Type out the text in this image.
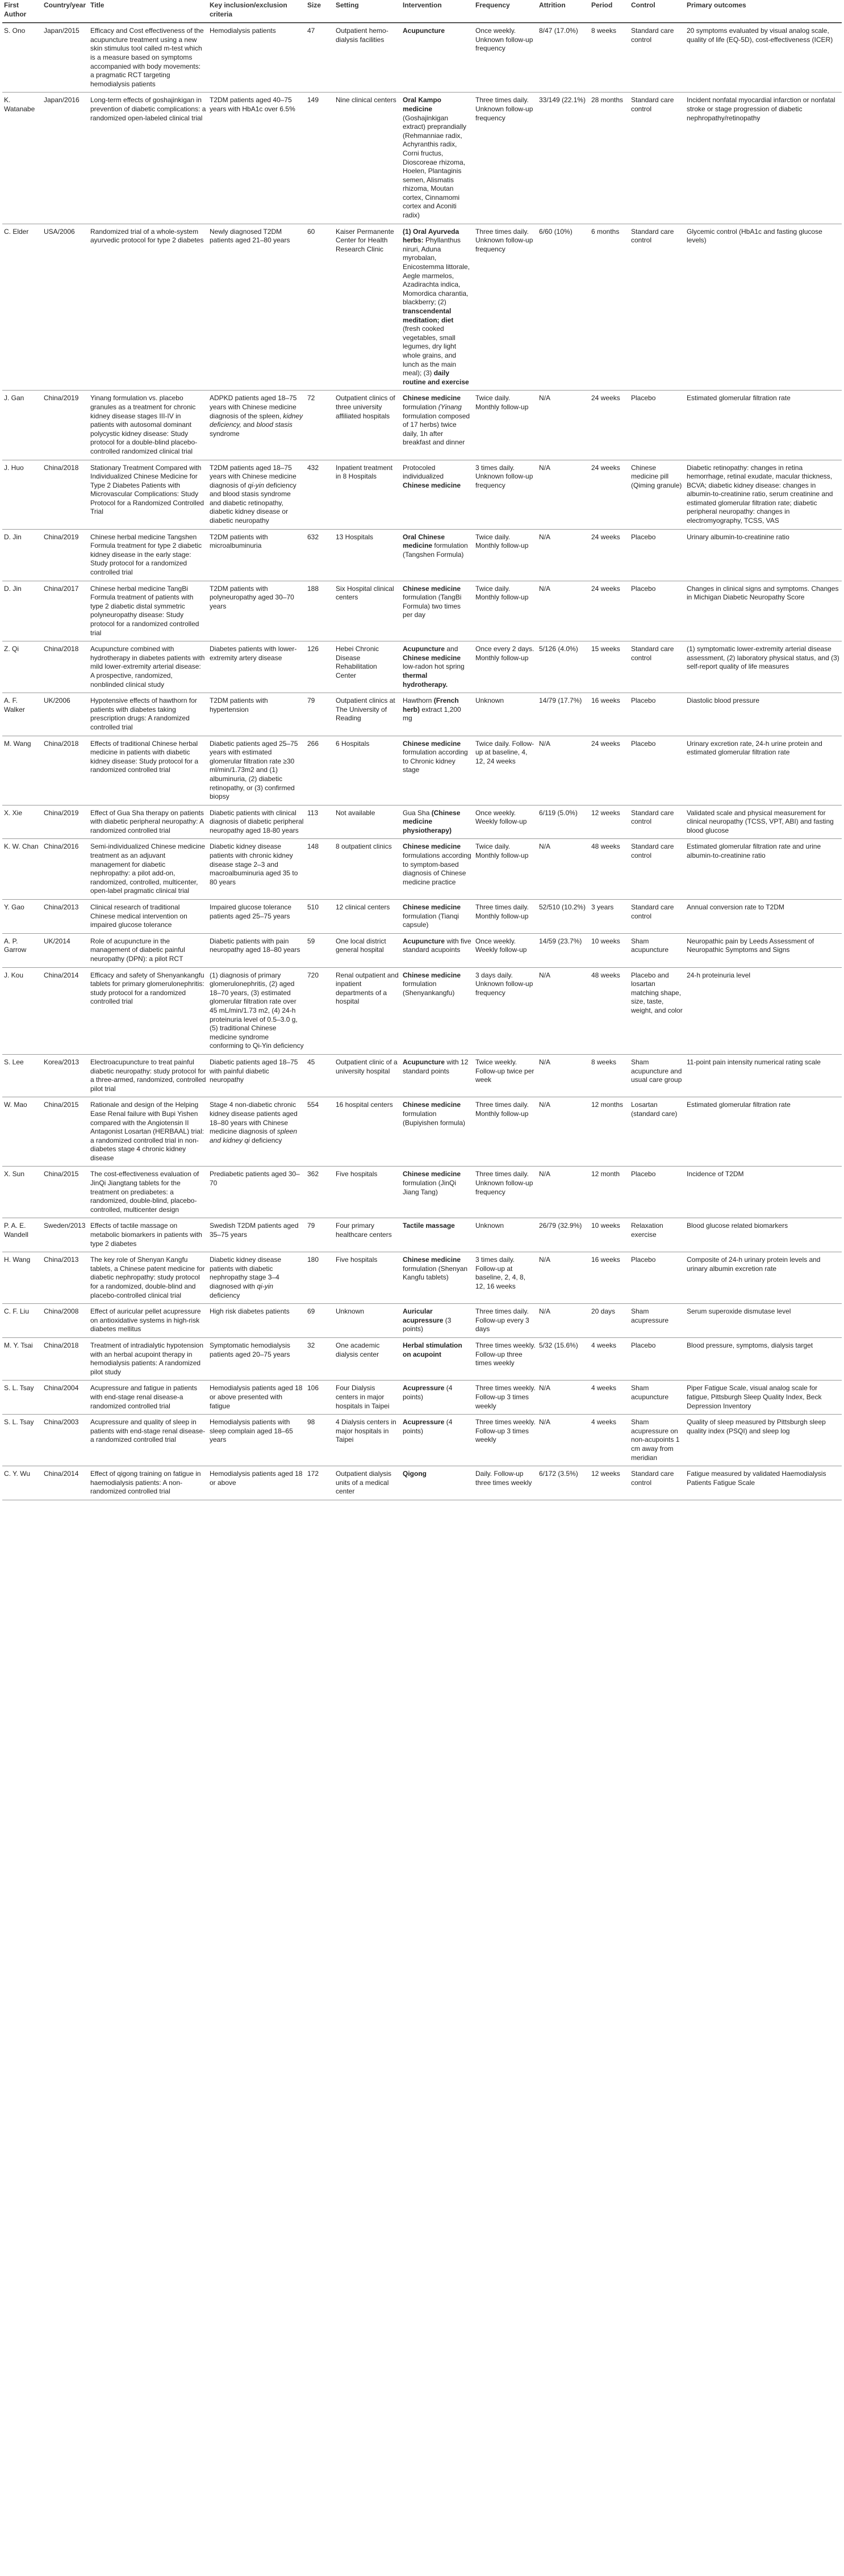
First Author	Country/year	Title	Key inclusion/exclusion criteria	Size	Setting	Intervention	Frequency	Attrition	Period	Control	Primary outcomes
S. Ono	Japan/2015	Efficacy and Cost effectiveness of the acupuncture treatment using a new skin stimulus tool called m-test which is a measure based on symptoms accompanied with body movements: a pragmatic RCT targeting hemodialysis patients	Hemodialysis patients	47	Outpatient hemo-dialysis facilities	Acupuncture	Once weekly. Unknown follow-up frequency	8/47 (17.0%)	8 weeks	Standard care control	20 symptoms evaluated by visual analog scale, quality of life (EQ-5D), cost-effectiveness (ICER)
K. Watanabe	Japan/2016	Long-term effects of goshajinkigan in prevention of diabetic complications: a randomized open-labeled clinical trial	T2DM patients aged 40–75 years with HbA1c over 6.5%	149	Nine clinical centers	Oral Kampo medicine (Goshajinkigan extract) preprandially (Rehmanniae radix, Achyranthis radix, Corni fructus, Dioscoreae rhizoma, Hoelen, Plantaginis semen, Alismatis rhizoma, Moutan cortex, Cinnamomi cortex and Aconiti radix)	Three times daily. Unknown follow-up frequency	33/149 (22.1%)	28 months	Standard care control	Incident nonfatal myocardial infarction or nonfatal stroke or stage progression of diabetic nephropathy/retinopathy
C. Elder	USA/2006	Randomized trial of a whole-system ayurvedic protocol for type 2 diabetes	Newly diagnosed T2DM patients aged 21–80 years	60	Kaiser Permanente Center for Health Research Clinic	(1) Oral Ayurveda herbs: Phyllanthus niruri, Aduna myrobalan, Enicostemma littorale, Aegle marmelos, Azadirachta indica, Momordica charantia, blackberry; (2) transcendental meditation; diet (fresh cooked vegetables, small legumes, dry light whole grains, and lunch as the main meal); (3) daily routine and exercise	Three times daily. Unknown follow-up frequency	6/60 (10%)	6 months	Standard care control	Glycemic control (HbA1c and fasting glucose levels)
J. Gan	China/2019	Yinang formulation vs. placebo granules as a treatment for chronic kidney disease stages III-IV in patients with autosomal dominant polycystic kidney disease: Study protocol for a double-blind placebo-controlled randomized clinical trial	ADPKD patients aged 18–75 years with Chinese medicine diagnosis of the spleen, kidney deficiency, and blood stasis syndrome	72	Outpatient clinics of three university affiliated hospitals	Chinese medicine formulation (Yinang formulation composed of 17 herbs) twice daily, 1h after breakfast and dinner	Twice daily. Monthly follow-up	N/A	24 weeks	Placebo	Estimated glomerular filtration rate
J. Huo	China/2018	Stationary Treatment Compared with Individualized Chinese Medicine for Type 2 Diabetes Patients with Microvascular Complications: Study Protocol for a Randomized Controlled Trial	T2DM patients aged 18–75 years with Chinese medicine diagnosis of qi-yin deficiency and blood stasis syndrome and diabetic retinopathy, diabetic kidney disease or diabetic neuropathy	432	Inpatient treatment in 8 Hospitals	Protocoled individualized Chinese medicine	3 times daily. Unknown follow-up frequency	N/A	24 weeks	Chinese medicine pill (Qiming granule)	Diabetic retinopathy: changes in retina hemorrhage, retinal exudate, macular thickness, BCVA; diabetic kidney disease: changes in albumin-to-creatinine ratio, serum creatinine and estimated glomerular filtration rate; diabetic peripheral neuropathy: changes in electromyography, TCSS, VAS
D. Jin	China/2019	Chinese herbal medicine Tangshen Formula treatment for type 2 diabetic kidney disease in the early stage: Study protocol for a randomized controlled trial	T2DM patients with microalbuminuria	632	13 Hospitals	Oral Chinese medicine formulation (Tangshen Formula)	Twice daily. Monthly follow-up	N/A	24 weeks	Placebo	Urinary albumin-to-creatinine ratio
D. Jin	China/2017	Chinese herbal medicine TangBi Formula treatment of patients with type 2 diabetic distal symmetric polyneuropathy disease: Study protocol for a randomized controlled trial	T2DM patients with polyneuropathy aged 30–70 years	188	Six Hospital clinical centers	Chinese medicine formulation (TangBi Formula) two times per day	Twice daily. Monthly follow-up	N/A	24 weeks	Placebo	Changes in clinical signs and symptoms. Changes in Michigan Diabetic Neuropathy Score
Z. Qi	China/2018	Acupuncture combined with hydrotherapy in diabetes patients with mild lower-extremity arterial disease: A prospective, randomized, nonblinded clinical study	Diabetes patients with lower-extremity artery disease	126	Hebei Chronic Disease Rehabilitation Center	Acupuncture and Chinese medicine low-radon hot spring thermal hydrotherapy.	Once every 2 days. Monthly follow-up	5/126 (4.0%)	15 weeks	Standard care control	(1) symptomatic lower-extremity arterial disease assessment, (2) laboratory physical status, and (3) self-report quality of life measures
A. F. Walker	UK/2006	Hypotensive effects of hawthorn for patients with diabetes taking prescription drugs: A randomized controlled trial	T2DM patients with hypertension	79	Outpatient clinics at The University of Reading	Hawthorn (French herb) extract 1,200 mg	Unknown	14/79 (17.7%)	16 weeks	Placebo	Diastolic blood pressure
M. Wang	China/2018	Effects of traditional Chinese herbal medicine in patients with diabetic kidney disease: Study protocol for a randomized controlled trial	Diabetic patients aged 25–75 years with estimated glomerular filtration rate ≥30 ml/min/1.73m2 and (1) albuminuria, (2) diabetic retinopathy, or (3) confirmed biopsy	266	6 Hospitals	Chinese medicine formulation according to Chronic kidney stage	Twice daily. Follow-up at baseline, 4, 12, 24 weeks	N/A	24 weeks	Placebo	Urinary excretion rate, 24-h urine protein and estimated glomerular filtration rate
X. Xie	China/2019	Effect of Gua Sha therapy on patients with diabetic peripheral neuropathy: A randomized controlled trial	Diabetic patients with clinical diagnosis of diabetic peripheral neuropathy aged 18-80 years	113	Not available	Gua Sha (Chinese medicine physiotherapy)	Once weekly. Weekly follow-up	6/119 (5.0%)	12 weeks	Standard care control	Validated scale and physical measurement for clinical neuropathy (TCSS, VPT, ABI) and fasting blood glucose
K. W. Chan	China/2016	Semi-individualized Chinese medicine treatment as an adjuvant management for diabetic nephropathy: a pilot add-on, randomized, controlled, multicenter, open-label pragmatic clinical trial	Diabetic kidney disease patients with chronic kidney disease stage 2–3 and macroalbuminuria aged 35 to 80 years	148	8 outpatient clinics	Chinese medicine formulations according to symptom-based diagnosis of Chinese medicine practice	Twice daily. Monthly follow-up	N/A	48 weeks	Standard care control	Estimated glomerular filtration rate and urine albumin-to-creatinine ratio
Y. Gao	China/2013	Clinical research of traditional Chinese medical intervention on impaired glucose tolerance	Impaired glucose tolerance patients aged 25–75 years	510	12 clinical centers	Chinese medicine formulation (Tianqi capsule)	Three times daily. Monthly follow-up	52/510 (10.2%)	3 years	Standard care control	Annual conversion rate to T2DM
A. P. Garrow	UK/2014	Role of acupuncture in the management of diabetic painful neuropathy (DPN): a pilot RCT	Diabetic patients with pain neuropathy aged 18–80 years	59	One local district general hospital	Acupuncture with five standard acupoints	Once weekly. Weekly follow-up	14/59 (23.7%)	10 weeks	Sham acupuncture	Neuropathic pain by Leeds Assessment of Neuropathic Symptoms and Signs
J. Kou	China/2014	Efficacy and safety of Shenyankangfu tablets for primary glomerulonephritis: study protocol for a randomized controlled trial	(1) diagnosis of primary glomerulonephritis, (2) aged 18–70 years, (3) estimated glomerular filtration rate over 45 mL/min/1.73 m2, (4) 24-h proteinuria level of 0.5–3.0 g, (5) traditional Chinese medicine syndrome conforming to Qi-Yin deficiency	720	Renal outpatient and inpatient departments of a hospital	Chinese medicine formulation (Shenyankangfu)	3 days daily. Unknown follow-up frequency	N/A	48 weeks	Placebo and losartan matching shape, size, taste, weight, and color	24-h proteinuria level
S. Lee	Korea/2013	Electroacupuncture to treat painful diabetic neuropathy: study protocol for a three-armed, randomized, controlled pilot trial	Diabetic patients aged 18–75 with painful diabetic neuropathy	45	Outpatient clinic of a university hospital	Acupuncture with 12 standard points	Twice weekly. Follow-up twice per week	N/A	8 weeks	Sham acupuncture and usual care group	11-point pain intensity numerical rating scale
W. Mao	China/2015	Rationale and design of the Helping Ease Renal failure with Bupi Yishen compared with the Angiotensin II Antagonist Losartan (HERBAAL) trial: a randomized controlled trial in non-diabetes stage 4 chronic kidney disease	Stage 4 non-diabetic chronic kidney disease patients aged 18–80 years with Chinese medicine diagnosis of spleen and kidney qi deficiency	554	16 hospital centers	Chinese medicine formulation (Bupiyishen formula)	Three times daily. Monthly follow-up	N/A	12 months	Losartan (standard care)	Estimated glomerular filtration rate
X. Sun	China/2015	The cost-effectiveness evaluation of JinQi Jiangtang tablets for the treatment on prediabetes: a randomized, double-blind, placebo-controlled, multicenter design	Prediabetic patients aged 30–70	362	Five hospitals	Chinese medicine formulation (JinQi Jiang Tang)	Three times daily. Unknown follow-up frequency	N/A	12 month	Placebo	Incidence of T2DM
P. A. E. Wandell	Sweden/2013	Effects of tactile massage on metabolic biomarkers in patients with type 2 diabetes	Swedish T2DM patients aged 35–75 years	79	Four primary healthcare centers	Tactile massage	Unknown	26/79 (32.9%)	10 weeks	Relaxation exercise	Blood glucose related biomarkers
H. Wang	China/2013	The key role of Shenyan Kangfu tablets, a Chinese patent medicine for diabetic nephropathy: study protocol for a randomized, double-blind and placebo-controlled clinical trial	Diabetic kidney disease patients with diabetic nephropathy stage 3–4 diagnosed with qi-yin deficiency	180	Five hospitals	Chinese medicine formulation (Shenyan Kangfu tablets)	3 times daily. Follow-up at baseline, 2, 4, 8, 12, 16 weeks	N/A	16 weeks	Placebo	Composite of 24-h urinary protein levels and urinary albumin excretion rate
C. F. Liu	China/2008	Effect of auricular pellet acupressure on antioxidative systems in high-risk diabetes mellitus	High risk diabetes patients	69	Unknown	Auricular acupressure (3 points)	Three times daily. Follow-up every 3 days	N/A	20 days	Sham acupressure	Serum superoxide dismutase level
M. Y. Tsai	China/2018	Treatment of intradialytic hypotension with an herbal acupoint therapy in hemodialysis patients: A randomized pilot study	Symptomatic hemodialysis patients aged 20–75 years	32	One academic dialysis center	Herbal stimulation on acupoint	Three times weekly. Follow-up three times weekly	5/32 (15.6%)	4 weeks	Placebo	Blood pressure, symptoms, dialysis target
S. L. Tsay	China/2004	Acupressure and fatigue in patients with end-stage renal disease-a randomized controlled trial	Hemodialysis patients aged 18 or above presented with fatigue	106	Four Dialysis centers in major hospitals in Taipei	Acupressure (4 points)	Three times weekly. Follow-up 3 times weekly	N/A	4 weeks	Sham acupuncture	Piper Fatigue Scale, visual analog scale for fatigue, Pittsburgh Sleep Quality Index, Beck Depression Inventory
S. L. Tsay	China/2003	Acupressure and quality of sleep in patients with end-stage renal disease-a randomized controlled trial	Hemodialysis patients with sleep complain aged 18–65 years	98	4 Dialysis centers in major hospitals in Taipei	Acupressure (4 points)	Three times weekly. Follow-up 3 times weekly	N/A	4 weeks	Sham acupressure on non-acupoints 1 cm away from meridian	Quality of sleep measured by Pittsburgh sleep quality index (PSQI) and sleep log
C. Y. Wu	China/2014	Effect of qigong training on fatigue in haemodialysis patients: A non-randomized controlled trial	Hemodialysis patients aged 18 or above	172	Outpatient dialysis units of a medical center	Qigong	Daily. Follow-up three times weekly	6/172 (3.5%)	12 weeks	Standard care control	Fatigue measured by validated Haemodialysis Patients Fatigue Scale
